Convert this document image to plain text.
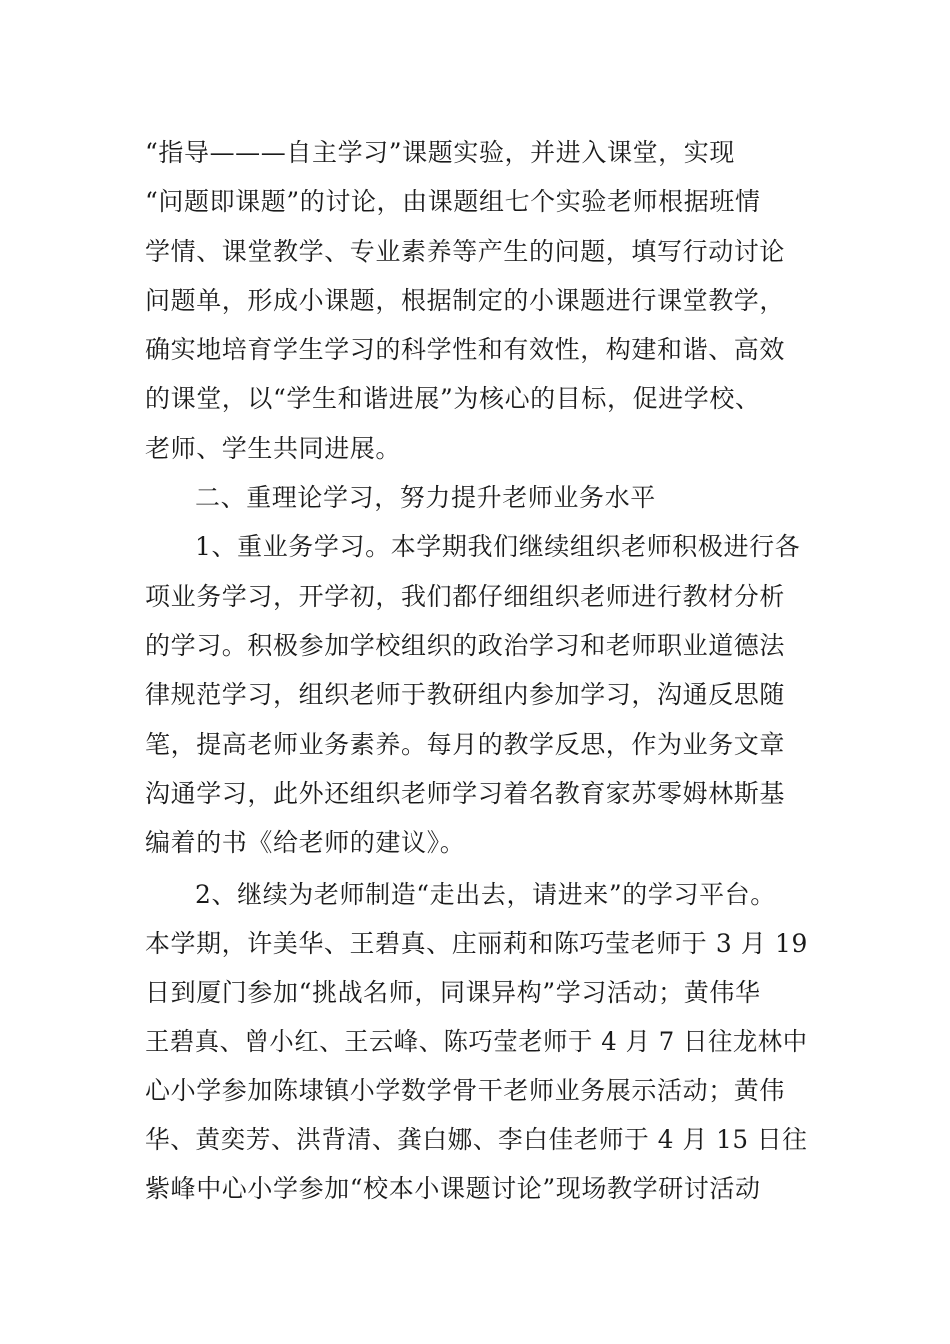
“指导———自主学习”课题实验，并进入课堂，实现
“问题即课题”的讨论，由课题组七个实验老师根据班情
学情、课堂教学、专业素养等产生的问题，填写行动讨论
问题单，形成小课题，根据制定的小课题进行课堂教学，
确实地培育学生学习的科学性和有效性，构建和谐、高效
的课堂，以“学生和谐进展”为核心的目标，促进学校、
老师、学生共同进展。
二、重理论学习，努力提升老师业务水平
1、重业务学习。本学期我们继续组织老师积极进行各
项业务学习，开学初，我们都仔细组织老师进行教材分析
的学习。积极参加学校组织的政治学习和老师职业道德法
律规范学习，组织老师于教研组内参加学习，沟通反思随
笔，提高老师业务素养。每月的教学反思，作为业务文章
沟通学习，此外还组织老师学习着名教育家苏零姆林斯基
编着的书《给老师的建议》。
2、继续为老师制造“走出去，请进来”的学习平台。
本学期，许美华、王碧真、庄丽莉和陈巧莹老师于 3 月 19
日到厦门参加“挑战名师，同课异构”学习活动；黄伟华
王碧真、曾小红、王云峰、陈巧莹老师于 4 月 7 日往龙林中
心小学参加陈埭镇小学数学骨干老师业务展示活动；黄伟
华、黄奕芳、洪背清、龚白娜、李白佳老师于 4 月 15 日往
紫峰中心小学参加“校本小课题讨论”现场教学研讨活动
